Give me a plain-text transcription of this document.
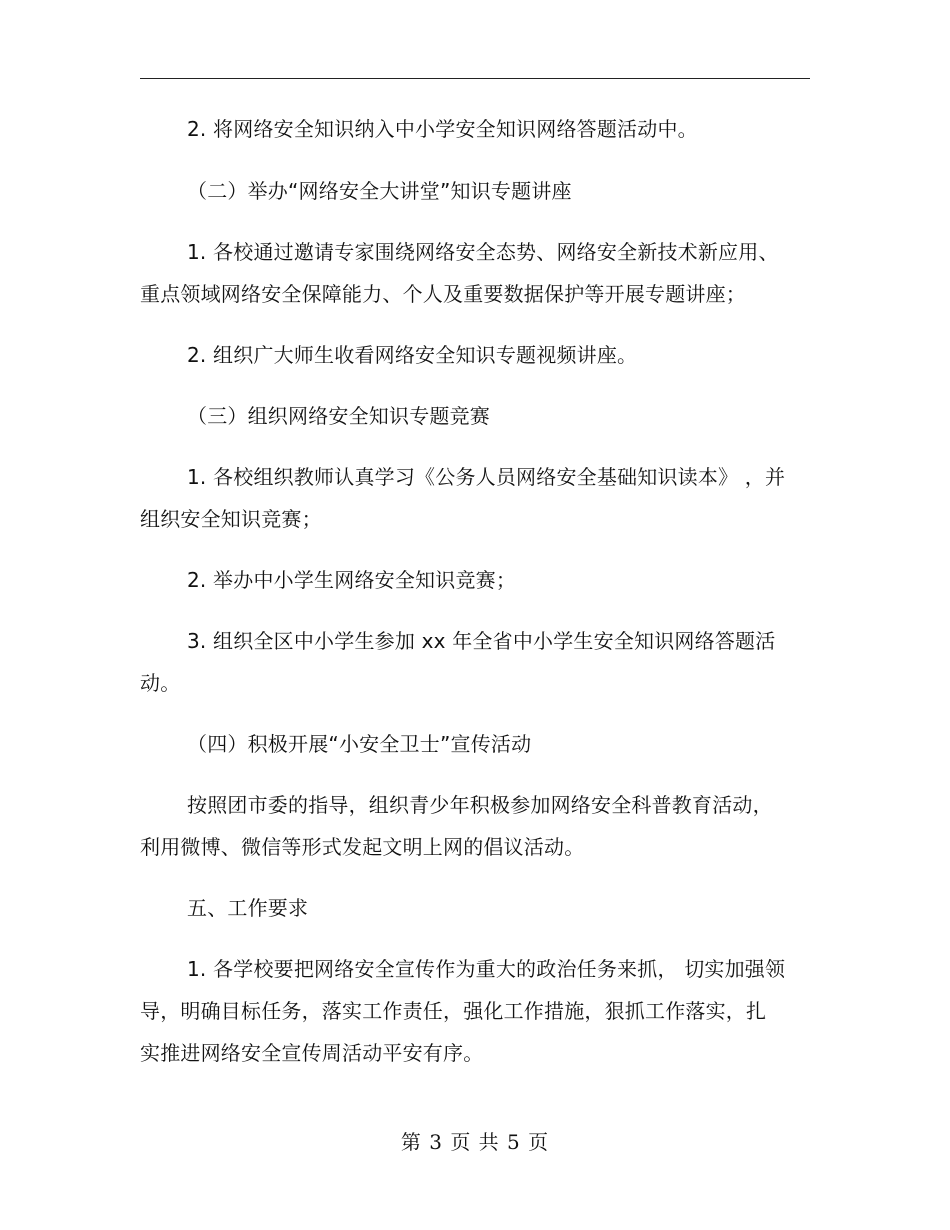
2. 将网络安全知识纳入中小学安全知识网络答题活动中。
（二）举办“网络安全大讲堂”知识专题讲座
1. 各校通过邀请专家围绕网络安全态势、网络安全新技术新应用、
重点领域网络安全保障能力、个人及重要数据保护等开展专题讲座；
2. 组织广大师生收看网络安全知识专题视频讲座。
（三）组织网络安全知识专题竞赛
1. 各校组织教师认真学习《公务人员网络安全基础知识读本》 ，并
组织安全知识竞赛；
2. 举办中小学生网络安全知识竞赛；
3. 组织全区中小学生参加 xx 年全省中小学生安全知识网络答题活
动。
（四）积极开展“小安全卫士”宣传活动
按照团市委的指导，组织青少年积极参加网络安全科普教育活动，
利用微博、微信等形式发起文明上网的倡议活动。
五、工作要求
1. 各学校要把网络安全宣传作为重大的政治任务来抓， 切实加强领
导，明确目标任务，落实工作责任，强化工作措施，狠抓工作落实，扎
实推进网络安全宣传周活动平安有序。
第 3 页 共 5 页
